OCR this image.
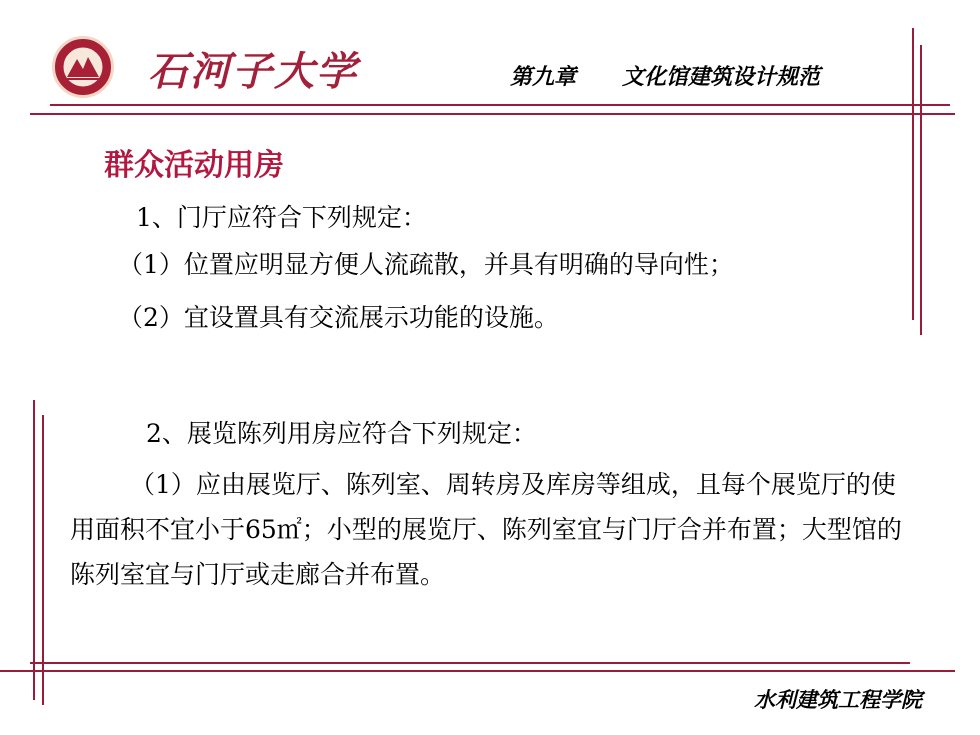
石河子大学	第九章 文化馆建筑设计规范
群众活动用房
1、门厅应符合下列规定：
（1）位置应明显方便人流疏散，并具有明确的导向性；
（2）宜设置具有交流展示功能的设施。
2、展览陈列用房应符合下列规定：
（1）应由展览厅、陈列室、周转房及库房等组成，且每个展览厅的使用面积不宜小于65㎡；小型的展览厅、陈列室宜与门厅合并布置；大型馆的陈列室宜与门厅或走廊合并布置。
水利建筑工程学院
